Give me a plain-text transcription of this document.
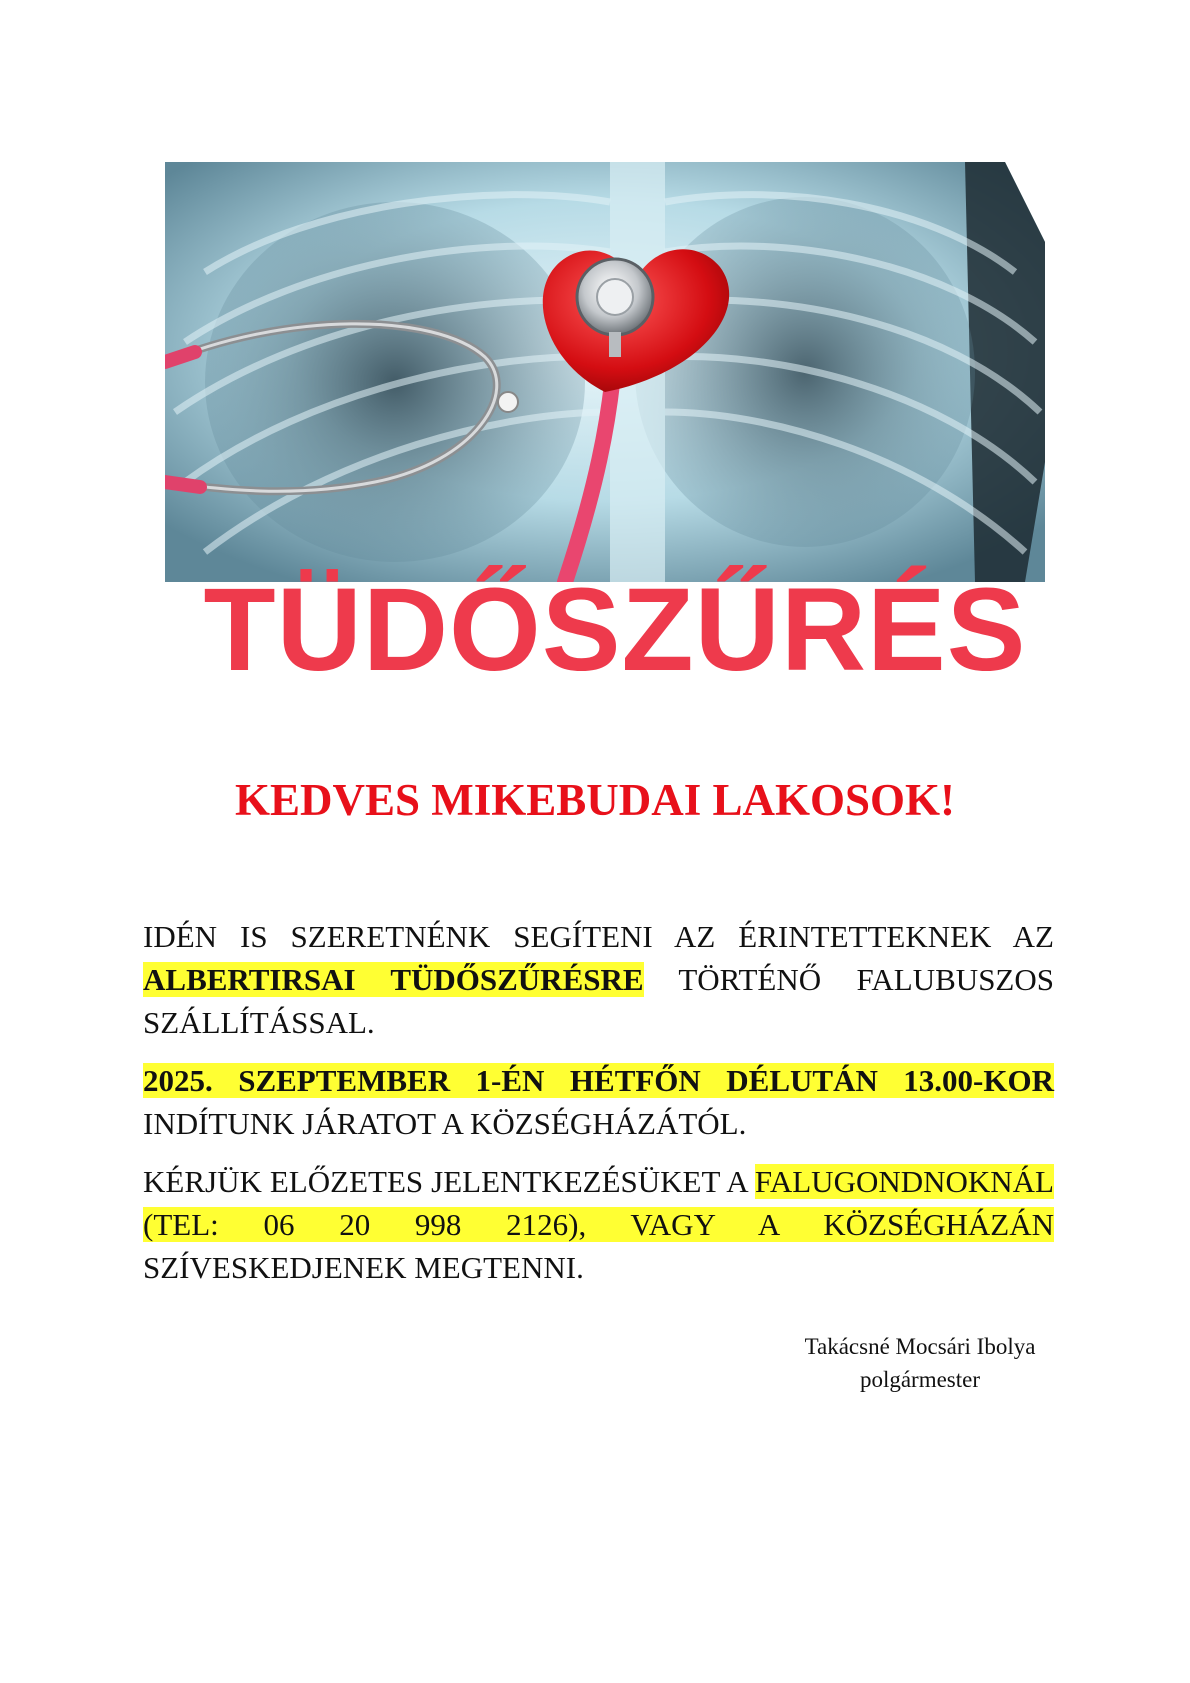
TÜDŐSZŰRÉS
KEDVES MIKEBUDAI LAKOSOK!

IDÉN IS SZERETNÉNK SEGÍTENI AZ ÉRINTETTEKNEK AZ ALBERTIRSAI TÜDŐSZŰRÉSRE TÖRTÉNŐ FALUBUSZOS SZÁLLÍTÁSSAL.

2025. SZEPTEMBER 1-ÉN HÉTFŐN DÉLUTÁN 13.00-KOR INDÍTUNK JÁRATOT A KÖZSÉGHÁZÁTÓL.

KÉRJÜK ELŐZETES JELENTKEZÉSÜKET A FALUGONDNOKNÁL (TEL: 06 20 998 2126), VAGY A KÖZSÉGHÁZÁN SZÍVESKEDJENEK MEGTENNI.

Takácsné Mocsári Ibolya
polgármester
